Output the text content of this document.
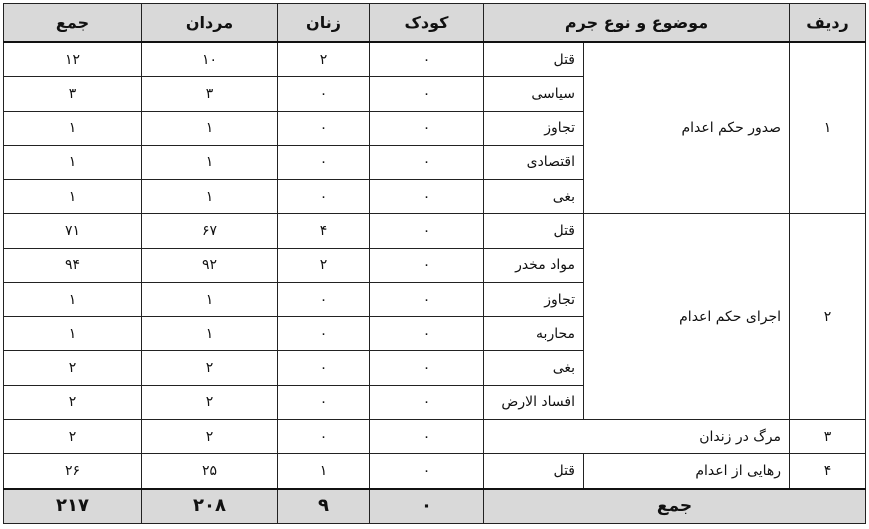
ردیف	موضوع و نوع جرم		کودک	زنان	مردان	جمع
۱	صدور حکم اعدام	قتل	۰	۲	۱۰	۱۲
		سیاسی	۰	۰	۳	۳
		تجاوز	۰	۰	۱	۱
		اقتصادی	۰	۰	۱	۱
		بغی	۰	۰	۱	۱
۲	اجرای حکم اعدام	قتل	۰	۴	۶۷	۷۱
		مواد مخدر	۰	۲	۹۲	۹۴
		تجاوز	۰	۰	۱	۱
		محاربه	۰	۰	۱	۱
		بغی	۰	۰	۲	۲
		افساد الارض	۰	۰	۲	۲
۳	مرگ در زندان		۰	۰	۲	۲
۴	رهایی از اعدام	قتل	۰	۱	۲۵	۲۶
جمع			۰	۹	۲۰۸	۲۱۷
